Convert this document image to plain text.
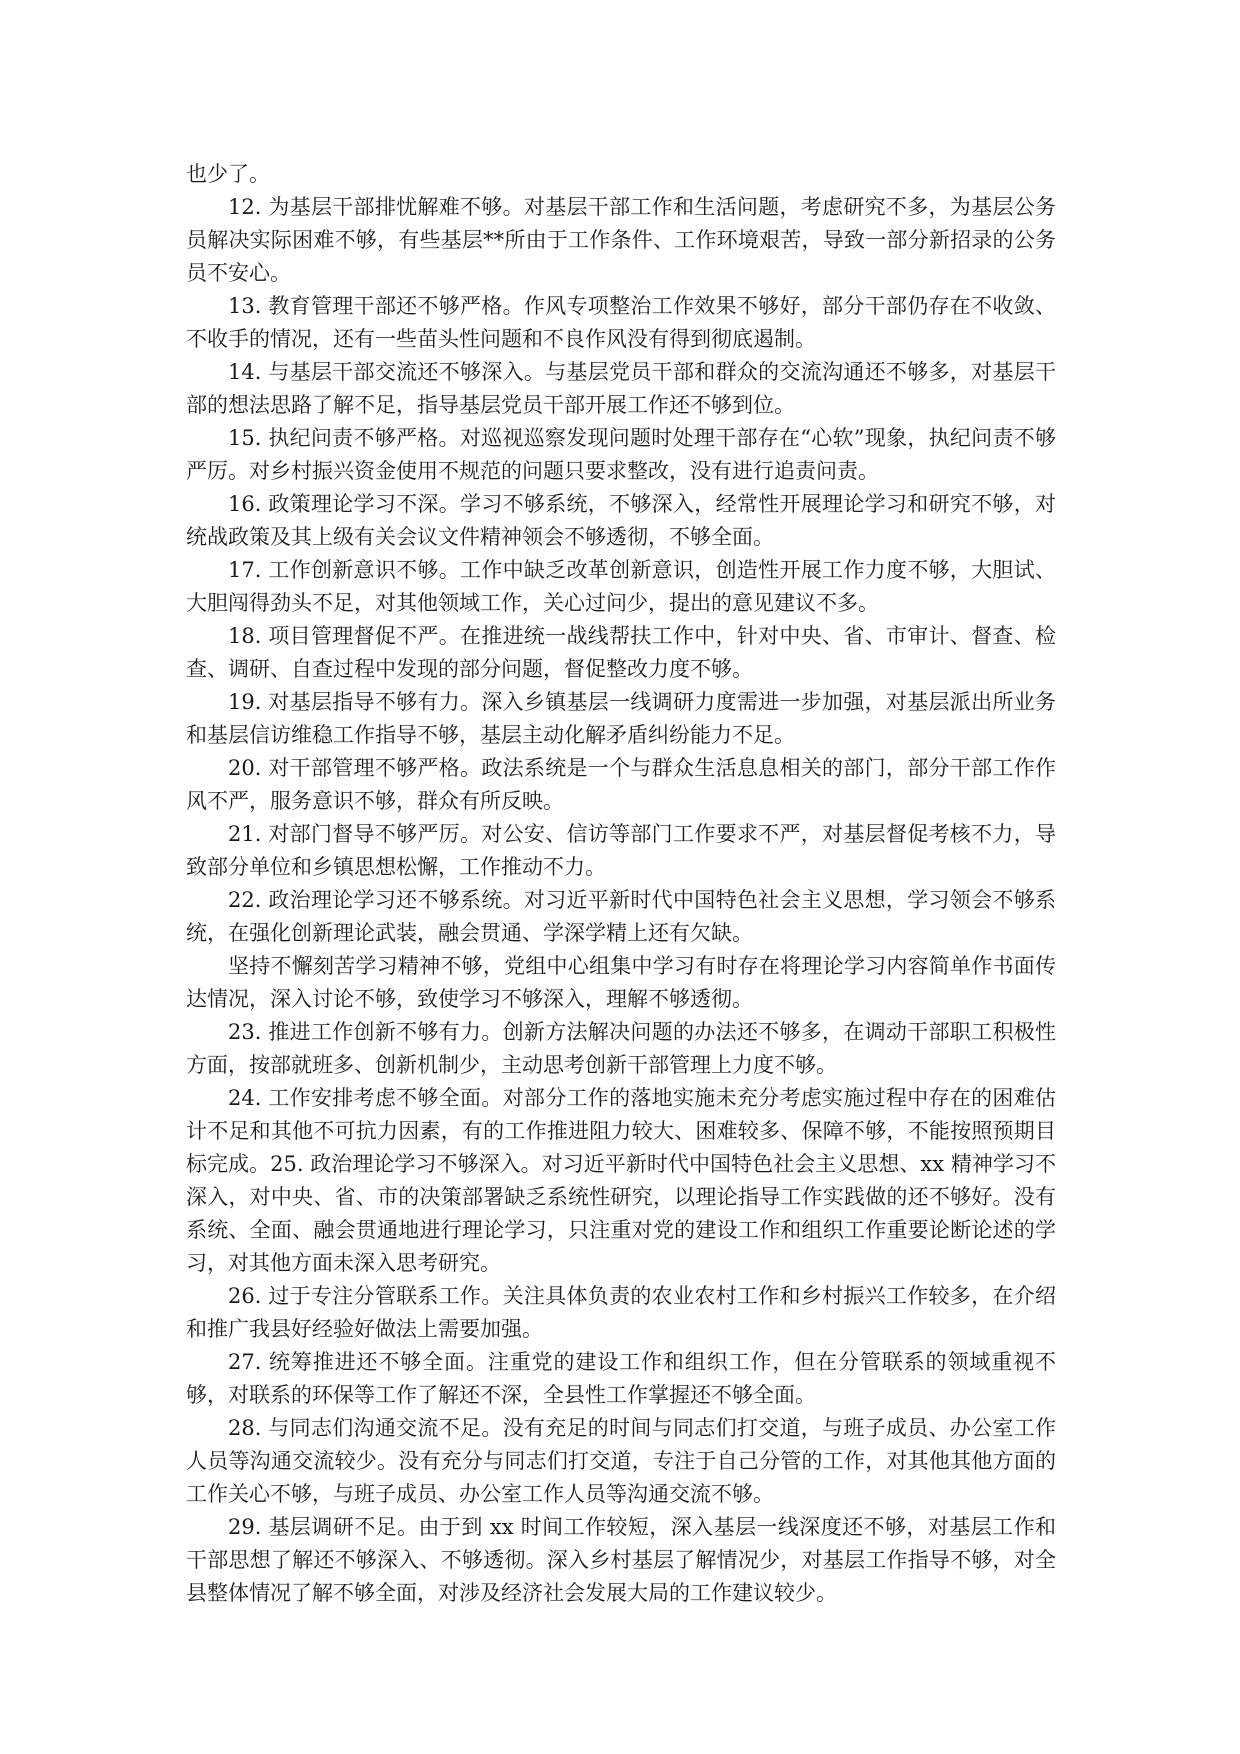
也少了。

12. 为基层干部排忧解难不够。对基层干部工作和生活问题，考虑研究不多，为基层公务员解决实际困难不够，有些基层**所由于工作条件、工作环境艰苦，导致一部分新招录的公务员不安心。

13. 教育管理干部还不够严格。作风专项整治工作效果不够好，部分干部仍存在不收敛、不收手的情况，还有一些苗头性问题和不良作风没有得到彻底遏制。

14. 与基层干部交流还不够深入。与基层党员干部和群众的交流沟通还不够多，对基层干部的想法思路了解不足，指导基层党员干部开展工作还不够到位。

15. 执纪问责不够严格。对巡视巡察发现问题时处理干部存在“心软”现象，执纪问责不够严厉。对乡村振兴资金使用不规范的问题只要求整改，没有进行追责问责。

16. 政策理论学习不深。学习不够系统，不够深入，经常性开展理论学习和研究不够，对统战政策及其上级有关会议文件精神领会不够透彻，不够全面。

17. 工作创新意识不够。工作中缺乏改革创新意识，创造性开展工作力度不够，大胆试、大胆闯得劲头不足，对其他领域工作，关心过问少，提出的意见建议不多。

18. 项目管理督促不严。在推进统一战线帮扶工作中，针对中央、省、市审计、督查、检查、调研、自查过程中发现的部分问题，督促整改力度不够。

19. 对基层指导不够有力。深入乡镇基层一线调研力度需进一步加强，对基层派出所业务和基层信访维稳工作指导不够，基层主动化解矛盾纠纷能力不足。

20. 对干部管理不够严格。政法系统是一个与群众生活息息相关的部门，部分干部工作作风不严，服务意识不够，群众有所反映。

21. 对部门督导不够严厉。对公安、信访等部门工作要求不严，对基层督促考核不力，导致部分单位和乡镇思想松懈，工作推动不力。

22. 政治理论学习还不够系统。对习近平新时代中国特色社会主义思想，学习领会不够系统，在强化创新理论武装，融会贯通、学深学精上还有欠缺。

坚持不懈刻苦学习精神不够，党组中心组集中学习有时存在将理论学习内容简单作书面传达情况，深入讨论不够，致使学习不够深入，理解不够透彻。

23. 推进工作创新不够有力。创新方法解决问题的办法还不够多，在调动干部职工积极性方面，按部就班多、创新机制少，主动思考创新干部管理上力度不够。

24. 工作安排考虑不够全面。对部分工作的落地实施未充分考虑实施过程中存在的困难估计不足和其他不可抗力因素，有的工作推进阻力较大、困难较多、保障不够，不能按照预期目标完成。25. 政治理论学习不够深入。对习近平新时代中国特色社会主义思想、xx 精神学习不深入，对中央、省、市的决策部署缺乏系统性研究，以理论指导工作实践做的还不够好。没有系统、全面、融会贯通地进行理论学习，只注重对党的建设工作和组织工作重要论断论述的学习，对其他方面未深入思考研究。

26. 过于专注分管联系工作。关注具体负责的农业农村工作和乡村振兴工作较多，在介绍和推广我县好经验好做法上需要加强。

27. 统筹推进还不够全面。注重党的建设工作和组织工作，但在分管联系的领域重视不够，对联系的环保等工作了解还不深，全县性工作掌握还不够全面。

28. 与同志们沟通交流不足。没有充足的时间与同志们打交道，与班子成员、办公室工作人员等沟通交流较少。没有充分与同志们打交道，专注于自己分管的工作，对其他其他方面的工作关心不够，与班子成员、办公室工作人员等沟通交流不够。

29. 基层调研不足。由于到 xx 时间工作较短，深入基层一线深度还不够，对基层工作和干部思想了解还不够深入、不够透彻。深入乡村基层了解情况少，对基层工作指导不够，对全县整体情况了解不够全面，对涉及经济社会发展大局的工作建议较少。
